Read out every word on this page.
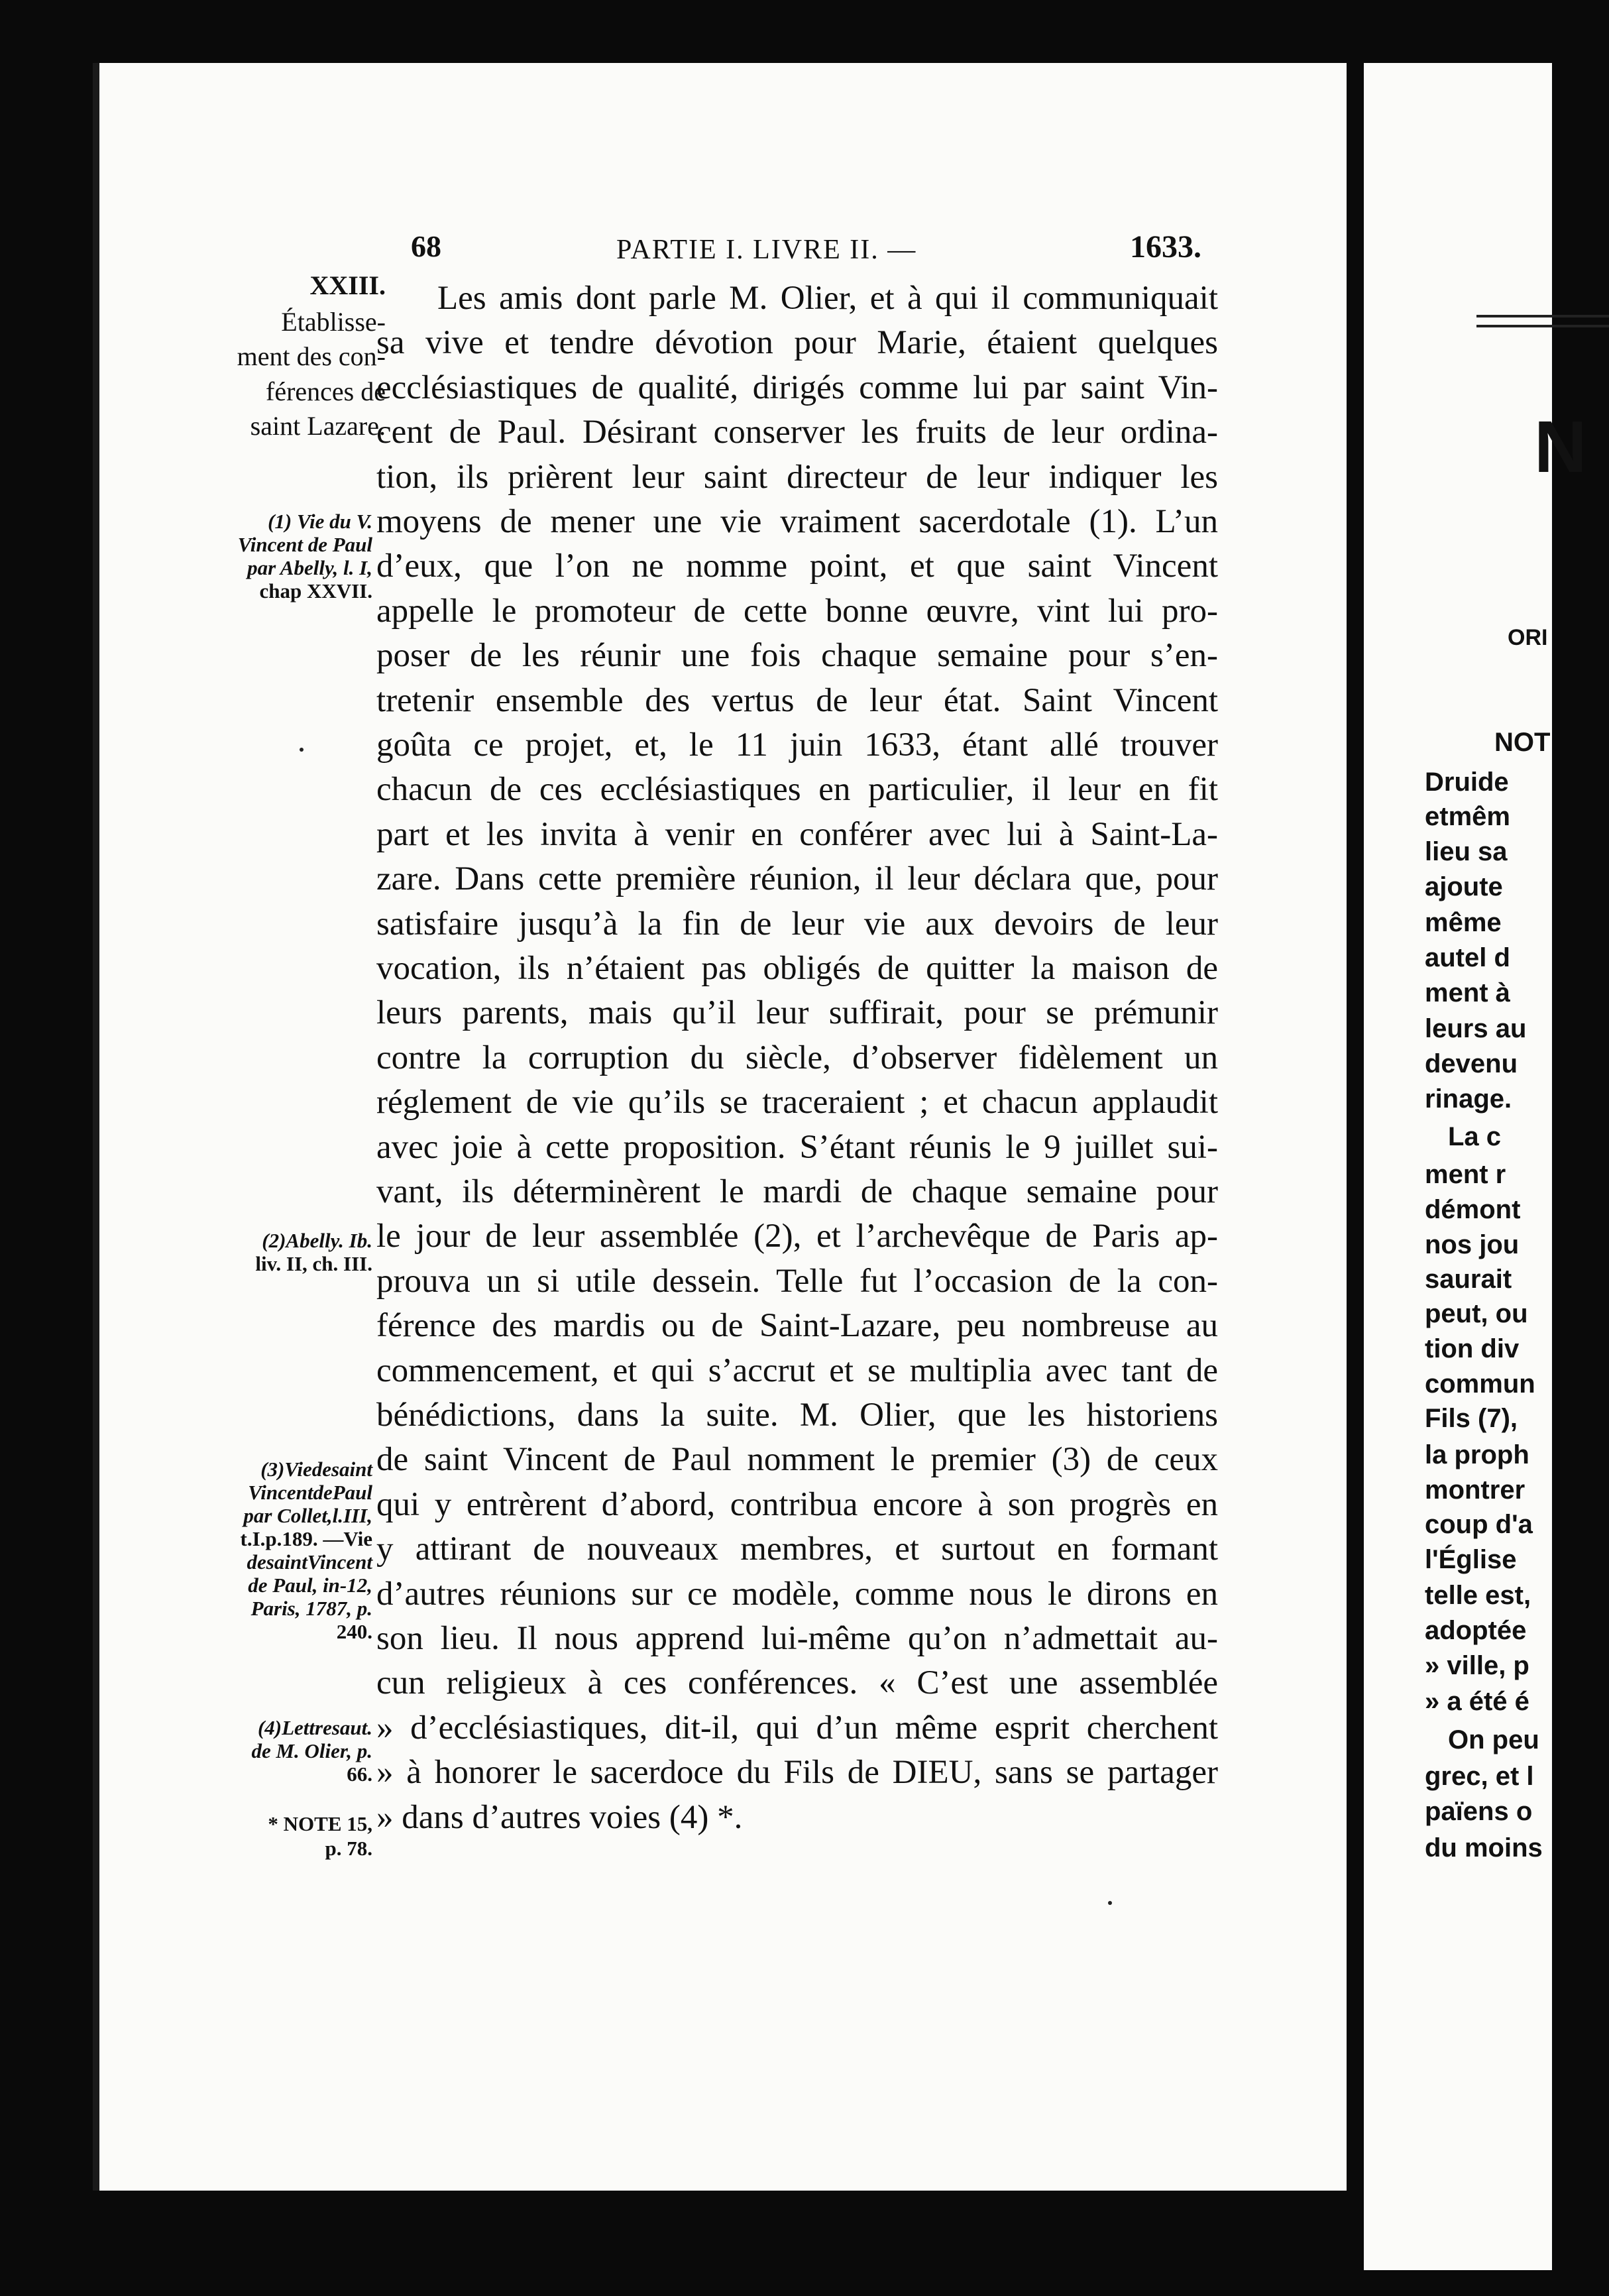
68	PARTIE I. LIVRE II. —	1633.
XXIII.
Établisse-
ment des con-
férences de
saint Lazare.
(1) Vie du V.
Vincent de Paul
par Abelly, l. I,
chap XXVII.
(2)Abelly. Ib.
liv. II, ch. III.
(3)Viedesaint
VincentdePaul
par Collet,l.III,
t.I.p.189. —Vie
desaintVincent
de Paul, in-12,
Paris, 1787, p.
240.
(4)Lettresaut.
de M. Olier, p.
66.
* NOTE 15,
p. 78.
Les amis dont parle M. Olier, et à qui il communiquait
sa vive et tendre dévotion pour Marie, étaient quelques
ecclésiastiques de qualité, dirigés comme lui par saint Vin-
cent de Paul. Désirant conserver les fruits de leur ordina-
tion, ils prièrent leur saint directeur de leur indiquer les
moyens de mener une vie vraiment sacerdotale (1). L’un
d’eux, que l’on ne nomme point, et que saint Vincent
appelle le promoteur de cette bonne œuvre, vint lui pro-
poser de les réunir une fois chaque semaine pour s’en-
tretenir ensemble des vertus de leur état. Saint Vincent
goûta ce projet, et, le 11 juin 1633, étant allé trouver
chacun de ces ecclésiastiques en particulier, il leur en fit
part et les invita à venir en conférer avec lui à Saint-La-
zare. Dans cette première réunion, il leur déclara que, pour
satisfaire jusqu’à la fin de leur vie aux devoirs de leur
vocation, ils n’étaient pas obligés de quitter la maison de
leurs parents, mais qu’il leur suffirait, pour se prémunir
contre la corruption du siècle, d’observer fidèlement un
réglement de vie qu’ils se traceraient ; et chacun applaudit
avec joie à cette proposition. S’étant réunis le 9 juillet sui-
vant, ils déterminèrent le mardi de chaque semaine pour
le jour de leur assemblée (2), et l’archevêque de Paris ap-
prouva un si utile dessein. Telle fut l’occasion de la con-
férence des mardis ou de Saint-Lazare, peu nombreuse au
commencement, et qui s’accrut et se multiplia avec tant de
bénédictions, dans la suite. M. Olier, que les historiens
de saint Vincent de Paul nomment le premier (3) de ceux
qui y entrèrent d’abord, contribua encore à son progrès en
y attirant de nouveaux membres, et surtout en formant
d’autres réunions sur ce modèle, comme nous le dirons en
son lieu. Il nous apprend lui-même qu’on n’admettait au-
cun religieux à ces conférences. « C’est une assemblée
» d’ecclésiastiques, dit-il, qui d’un même esprit cherchent
» à honorer le sacerdoce du Fils de DIEU, sans se partager
» dans d’autres voies (4) *.
N
ORI
NOT
Druide
etmêm
lieu sa
ajoute
même
autel d
ment à
leurs au
devenu
rinage.
La c
ment r
démont
nos jou
saurait
peut, ou
tion div
commun
Fils (7),
la proph
montrer
coup d'a
l'Église
telle est,
adoptée
» ville, p
» a été é
On peu
grec, et l
païens o
du moins
